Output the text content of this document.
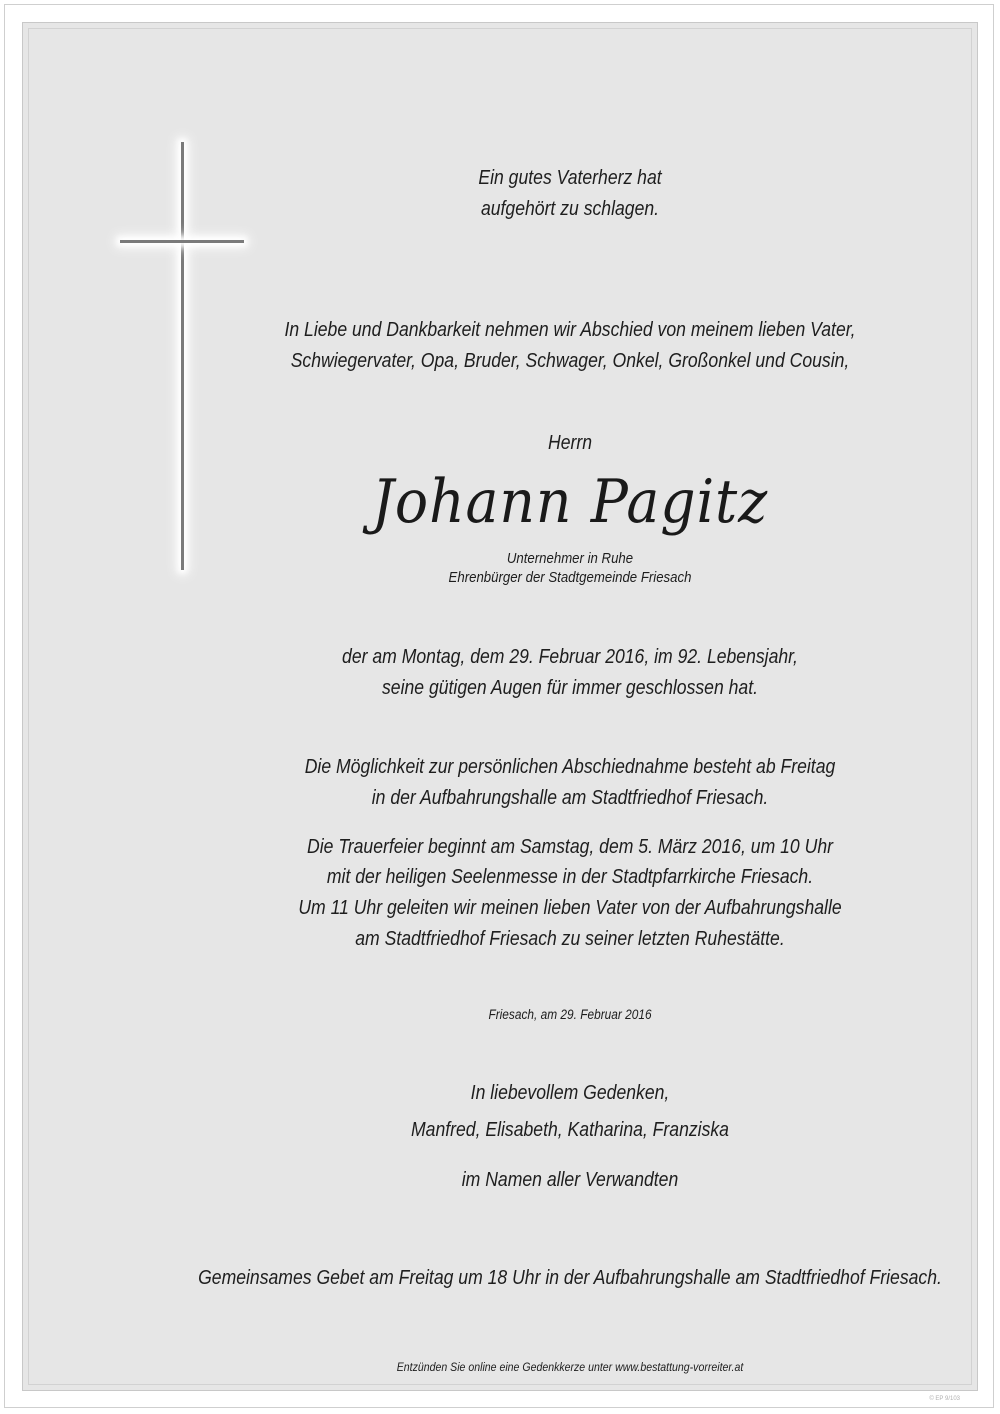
Ein gutes Vaterherz hat
aufgehört zu schlagen.
In Liebe und Dankbarkeit nehmen wir Abschied von meinem lieben Vater,
Schwiegervater, Opa, Bruder, Schwager, Onkel, Großonkel und Cousin,
Herrn
Johann Pagitz
Unternehmer in Ruhe
Ehrenbürger der Stadtgemeinde Friesach
der am Montag, dem 29. Februar 2016, im 92. Lebensjahr,
seine gütigen Augen für immer geschlossen hat.
Die Möglichkeit zur persönlichen Abschiednahme besteht ab Freitag
in der Aufbahrungshalle am Stadtfriedhof Friesach.
Die Trauerfeier beginnt am Samstag, dem 5. März 2016, um 10 Uhr
mit der heiligen Seelenmesse in der Stadtpfarrkirche Friesach.
Um 11 Uhr geleiten wir meinen lieben Vater von der Aufbahrungshalle
am Stadtfriedhof Friesach zu seiner letzten Ruhestätte.
Friesach, am 29. Februar 2016
In liebevollem Gedenken,
Manfred, Elisabeth, Katharina, Franziska
im Namen aller Verwandten
Gemeinsames Gebet am Freitag um 18 Uhr in der Aufbahrungshalle am Stadtfriedhof Friesach.
Entzünden Sie online eine Gedenkkerze unter www.bestattung-vorreiter.at
© EP 9/103
